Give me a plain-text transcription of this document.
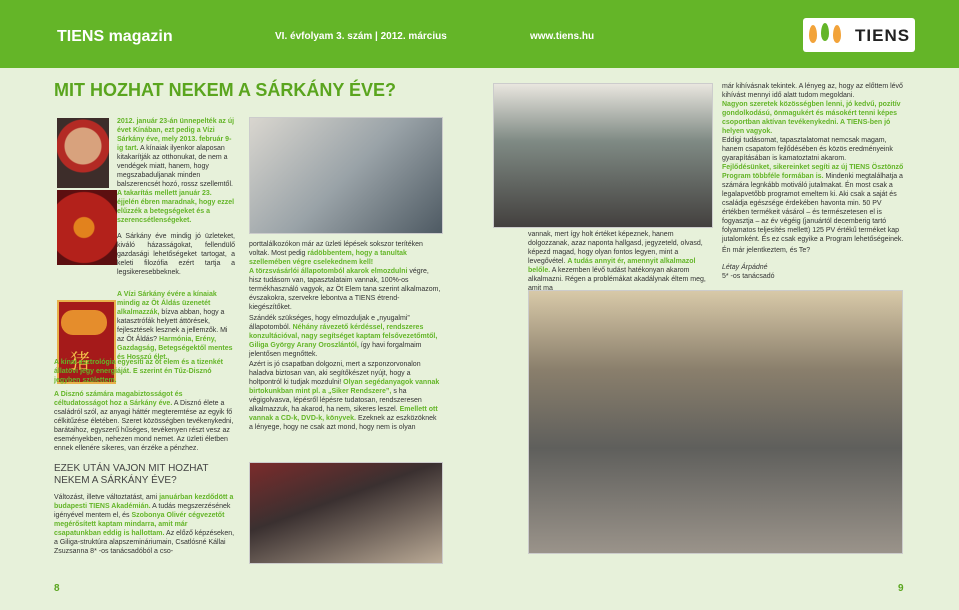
TIENS magazin	VI. évfolyam 3. szám | 2012. március	www.tiens.hu	TIENS
MIT HOZHAT NEKEM A SÁRKÁNY ÉVE?
猪
2012. január 23-án ünnepelték az új évet Kínában, ezt pedig a Vízi Sárkány éve, mely 2013. február 9-ig tart. A kínaiak ilyenkor alaposan kitakarítják az otthonukat, de nem a vendégek miatt, hanem, hogy megszabaduljanak minden balszerencsét hozó, rossz szellemtől. A takarítás mellett január 23. éjjelén ébren maradnak, hogy ezzel elűzzék a betegségeket és a szerencsétlenségeket.
A Sárkány éve mindig jó üzleteket, kiváló házasságokat, fellendülő gazdasági lehetőségeket tartogat, a keleti filozófia ezért tartja a legsikeresebbeknek.
A Vízi Sárkány évére a kínaiak mindig az Öt Áldás üzenetét alkalmazzák, bízva abban, hogy a katasztrófák helyett áttörések, fejlesztések lesznek a jellemzők. Mi az Öt Áldás? Harmónia, Erény, Gazdagság, Betegségektől mentes és Hosszú élet.
A kínai asztrológia egyesíti az öt elem és a tizenkét állatövi jegy energiáját. E szerint én Tűz-Disznó jegyben születtem.
A Disznó számára magabiztosságot és céltudatosságot hoz a Sárkány éve. A Disznó élete a családról szól, az anyagi háttér megteremtése az egyik fő célkitűzése életében. Szeret közösségben tevékenykedni, barátaihoz, egyszerű hűséges, tevékenyen részt vesz az eseményekben, nehezen mond nemet. Az üzleti életben ennek ellenére sikeres, van érzéke a pénzhez.
EZEK UTÁN VAJON MIT HOZHAT NEKEM A SÁRKÁNY ÉVE?
Változást, illetve változtatást, ami januárban kezdődött a budapesti TIENS Akadémián. A tudás megszerzésének igényével mentem el, és Szobonya Olivér cégvezetőt megérősített kaptam mindarra, amit már csapatunkban eddig is hallottam. Az előző képzéseken, a Giliga-struktúra alapszemináriumain, Csatlósné Kállai Zsuzsanna 8* -os tanácsadóból a cso-
porttalálkozókon már az üzleti lépések sokszor terítéken voltak. Most pedig rádöbbentem, hogy a tanultak szellemében végre cselekednem kell!
A törzsvásárlói állapotomból akarok elmozdulni végre, hisz tudásom van, tapasztalataim vannak, 100%-os termékhasználó vagyok, az Öt Elem tana szerint alkalmazom, évszakokra, szervekre lebontva a TIENS étrend-kiegészítőket.
Szándék szükséges, hogy elmozduljak e „nyugalmi” állapotomból. Néhány rávezető kérdéssel, rendszeres konzultációval, nagy segítséget kaptam felsővezetőmtől, Giliga György Arany Oroszlántól, így havi forgalmaim jelentősen megnőttek.
Azért is jó csapatban dolgozni, mert a szponzorvonalon haladva biztosan van, aki segítőkészet nyújt, hogy a holtpontról ki tudjak mozdulni! Olyan segédanyagok vannak birtokunkban mint pl. a „Siker Rendszere”, s ha végigolvasva, lépésről lépésre tudatosan, rendszeresen alkalmazzuk, ha akarod, ha nem, sikeres leszel. Emellett ott vannak a CD-k, DVD-k, könyvek. Ezeknek az eszközöknek a lényege, hogy ne csak azt mond, hogy nem is olyan
vannak, mert így holt értéket képeznek, hanem dolgozzanak, azaz naponta hallgasd, jegyzeteld, olvasd, képezd magad, hogy olyan fontos legyen, mint a levegővétel. A tudás annyit ér, amennyit alkalmazol belőle. A kezemben lévő tudást hatékonyan akarom alkalmazni. Régen a problémákat akadálynak éltem meg, amit ma
már kihívásnak tekintek. A lényeg az, hogy az előttem lévő kihívást mennyi idő alatt tudom megoldani.
Nagyon szeretek közösségben lenni, jó kedvű, pozitív gondolkodású, önmagukért és másokért tenni képes csoportban aktívan tevékenykedni. A TIENS-ben jó helyen vagyok.
Eddigi tudásomat, tapasztalatomat nemcsak magam, hanem csapatom fejlődésében és közös eredményeink gyarapításában is kamatoztatni akarom.
Fejlődésünket, sikereinket segíti az új TIENS Ösztönző Program többféle formában is. Mindenki megtalálhatja a számára legnkább motiváló jutalmakat. Én most csak a legalapvetőbb programot emeltem ki. Aki csak a saját és családja egészsége érdekében havonta min. 50 PV értékben termékeit vásárol – és természetesen el is fogyasztja – az év végéig (januártól decemberig tartó folyamatos teljesítés mellett) 125 PV értékű terméket kap jutalomként. És ez csak egyike a Program lehetőségeinek.
Én már jelentkeztem, és Te?
Létay Árpádné
5* -os tanácsadó
8	9
